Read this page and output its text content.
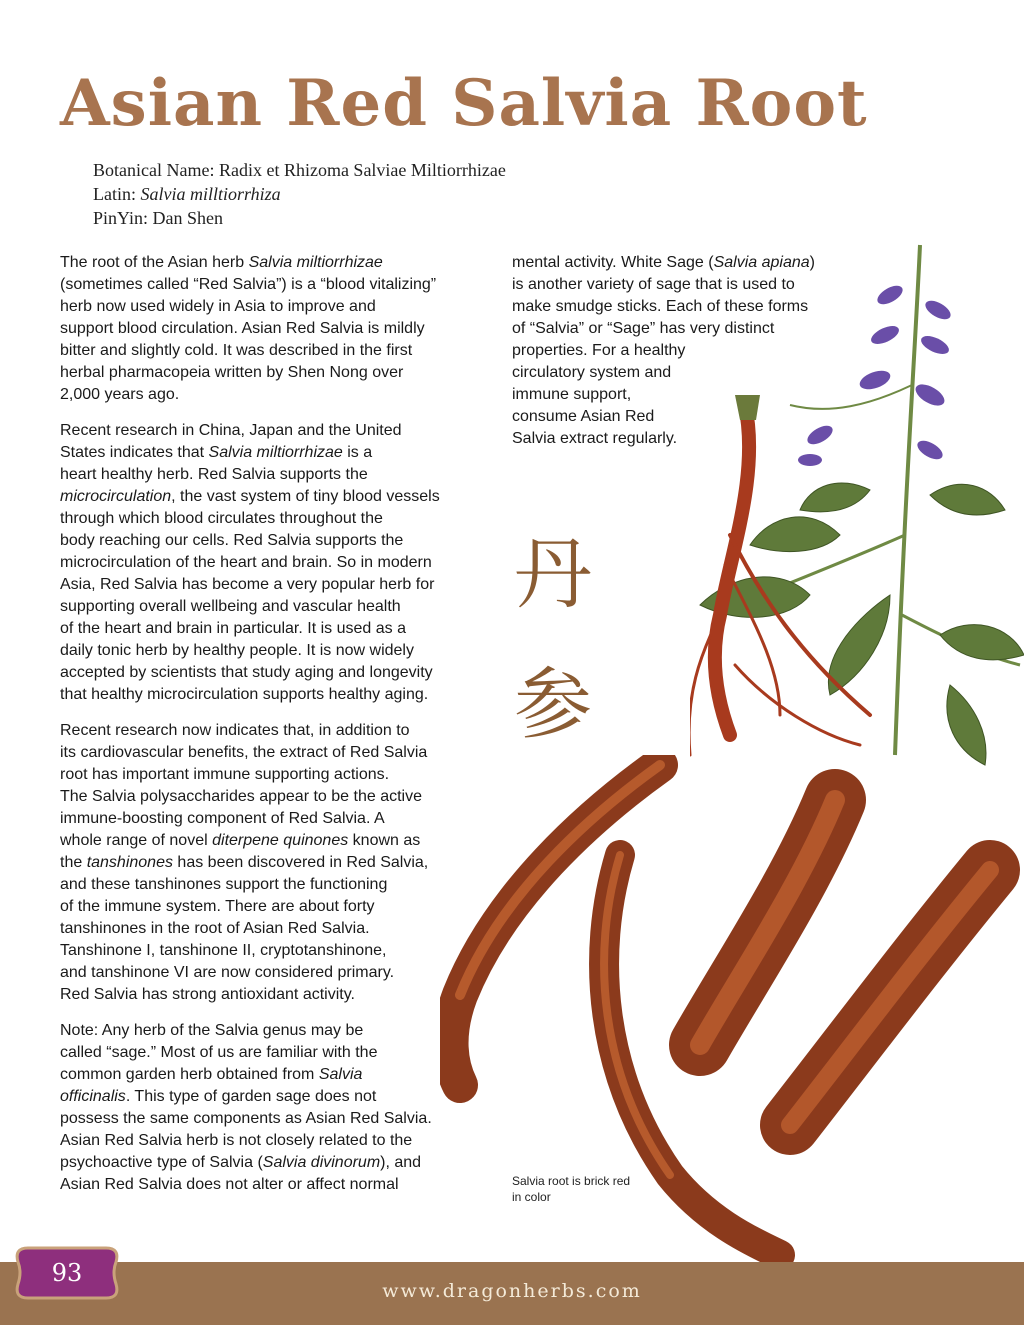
Asian Red Salvia Root
Botanical Name: Radix et Rhizoma Salviae Miltiorrhizae
Latin: Salvia milltiorrhiza
PinYin: Dan Shen

The root of the Asian herb Salvia miltiorrhizae
(sometimes called “Red Salvia”) is a “blood vitalizing”
herb now used widely in Asia to improve and
support blood circulation. Asian Red Salvia is mildly
bitter and slightly cold. It was described in the first
herbal pharmacopeia written by Shen Nong over
2,000 years ago.

Recent research in China, Japan and the United
States indicates that Salvia miltiorrhizae is a
heart healthy herb. Red Salvia supports the
microcirculation, the vast system of tiny blood vessels
through which blood circulates throughout the
body reaching our cells. Red Salvia supports the
microcirculation of the heart and brain. So in modern
Asia, Red Salvia has become a very popular herb for
supporting overall wellbeing and vascular health
of the heart and brain in particular. It is used as a
daily tonic herb by healthy people. It is now widely
accepted by scientists that study aging and longevity
that healthy microcirculation supports healthy aging.

Recent research now indicates that, in addition to
its cardiovascular benefits, the extract of Red Salvia
root has important immune supporting actions.
The Salvia polysaccharides appear to be the active
immune-boosting component of Red Salvia. A
whole range of novel diterpene quinones known as
the tanshinones has been discovered in Red Salvia,
and these tanshinones support the functioning
of the immune system. There are about forty
tanshinones in the root of Asian Red Salvia.
Tanshinone I, tanshinone II, cryptotanshinone,
and tanshinone VI are now considered primary.
Red Salvia has strong antioxidant activity.

Note: Any herb of the Salvia genus may be
called “sage.” Most of us are familiar with the
common garden herb obtained from Salvia
officinalis. This type of garden sage does not
possess the same components as Asian Red Salvia.
Asian Red Salvia herb is not closely related to the
psychoactive type of Salvia (Salvia divinorum), and
Asian Red Salvia does not alter or affect normal

mental activity. White Sage (Salvia apiana)
is another variety of sage that is used to
make smudge sticks. Each of these forms
of “Salvia” or “Sage” has very distinct
properties. For a healthy
circulatory system and
immune support,
consume Asian Red
Salvia extract regularly.

丹
参
Salvia root is brick red
in color
93
www.dragonherbs.com
